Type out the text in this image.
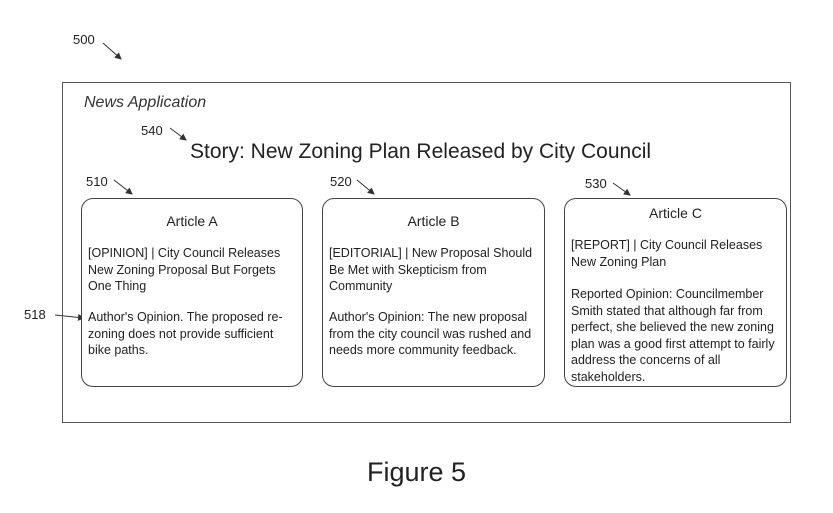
500
News Application
540
Story: New Zoning Plan Released by City Council
510	520	530
518
Article A
[OPINION] | City Council Releases New Zoning Proposal But Forgets One Thing
Author's Opinion. The proposed re-zoning does not provide sufficient bike paths.
Article B
[EDITORIAL] | New Proposal Should Be Met with Skepticism from Community
Author's Opinion: The new proposal from the city council was rushed and needs more community feedback.
Article C
[REPORT] | City Council Releases New Zoning Plan
Reported Opinion: Councilmember Smith stated that although far from perfect, she believed the new zoning plan was a good first attempt to fairly address the concerns of all stakeholders.
Figure 5
